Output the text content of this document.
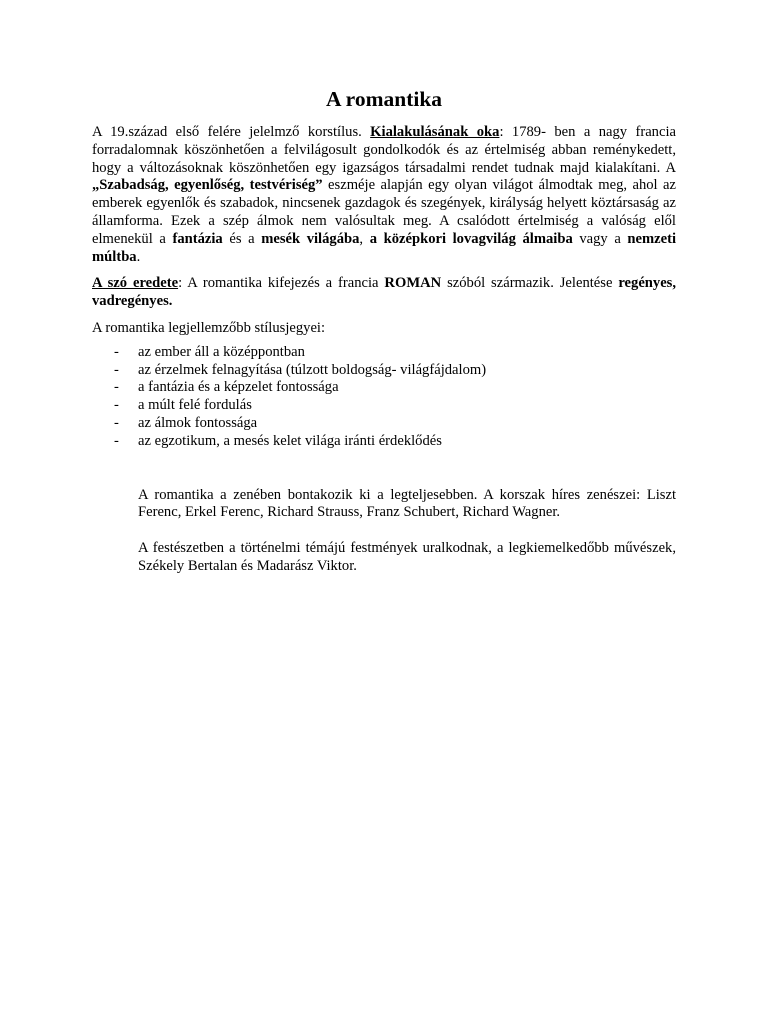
A romantika

A 19.század első felére jelelmző korstílus. Kialakulásának oka: 1789- ben a nagy francia forradalomnak köszönhetően a felvilágosult gondolkodók és az értelmiség abban reménykedett, hogy a változásoknak köszönhetően egy igazságos társadalmi rendet tudnak majd kialakítani. A „Szabadság, egyenlőség, testvériség” eszméje alapján egy olyan világot álmodtak meg, ahol az emberek egyenlők és szabadok, nincsenek gazdagok és szegények, királyság helyett köztársaság az államforma. Ezek a szép álmok nem valósultak meg. A csalódott értelmiség a valóság elől elmenekül a fantázia és a mesék világába, a középkori lovagvilág álmaiba vagy a nemzeti múltba.

A szó eredete: A romantika kifejezés a francia ROMAN szóból származik. Jelentése regényes, vadregényes.

A romantika legjellemzőbb stílusjegyei:

- az ember áll a középpontban
- az érzelmek felnagyítása (túlzott boldogság- világfájdalom)
- a fantázia és a képzelet fontossága
- a múlt felé fordulás
- az álmok fontossága
- az egzotikum, a mesés kelet világa iránti érdeklődés

A romantika a zenében bontakozik ki a legteljesebben. A korszak híres zenészei: Liszt Ferenc, Erkel Ferenc, Richard Strauss, Franz Schubert, Richard Wagner.

A festészetben a történelmi témájú festmények uralkodnak, a legkiemelkedőbb művészek, Székely Bertalan és Madarász Viktor.
